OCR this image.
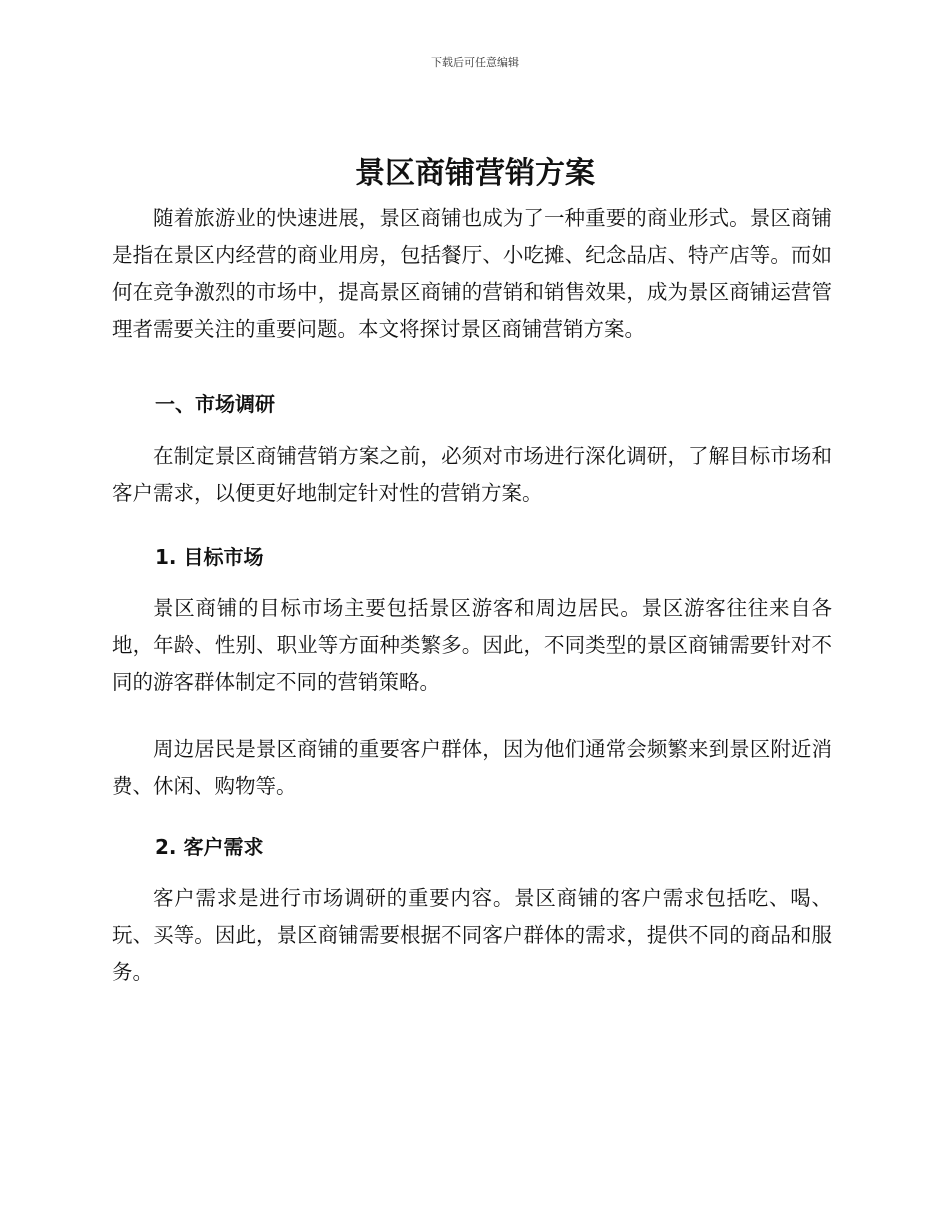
下载后可任意编辑
景区商铺营销方案

随着旅游业的快速进展，景区商铺也成为了一种重要的商业形式。景区商铺是指在景区内经营的商业用房，包括餐厅、小吃摊、纪念品店、特产店等。而如何在竞争激烈的市场中，提高景区商铺的营销和销售效果，成为景区商铺运营管理者需要关注的重要问题。本文将探讨景区商铺营销方案。

一、市场调研

在制定景区商铺营销方案之前，必须对市场进行深化调研，了解目标市场和客户需求，以便更好地制定针对性的营销方案。

1. 目标市场

景区商铺的目标市场主要包括景区游客和周边居民。景区游客往往来自各地，年龄、性别、职业等方面种类繁多。因此，不同类型的景区商铺需要针对不同的游客群体制定不同的营销策略。

周边居民是景区商铺的重要客户群体，因为他们通常会频繁来到景区附近消费、休闲、购物等。

2. 客户需求

客户需求是进行市场调研的重要内容。景区商铺的客户需求包括吃、喝、玩、买等。因此，景区商铺需要根据不同客户群体的需求，提供不同的商品和服务。
